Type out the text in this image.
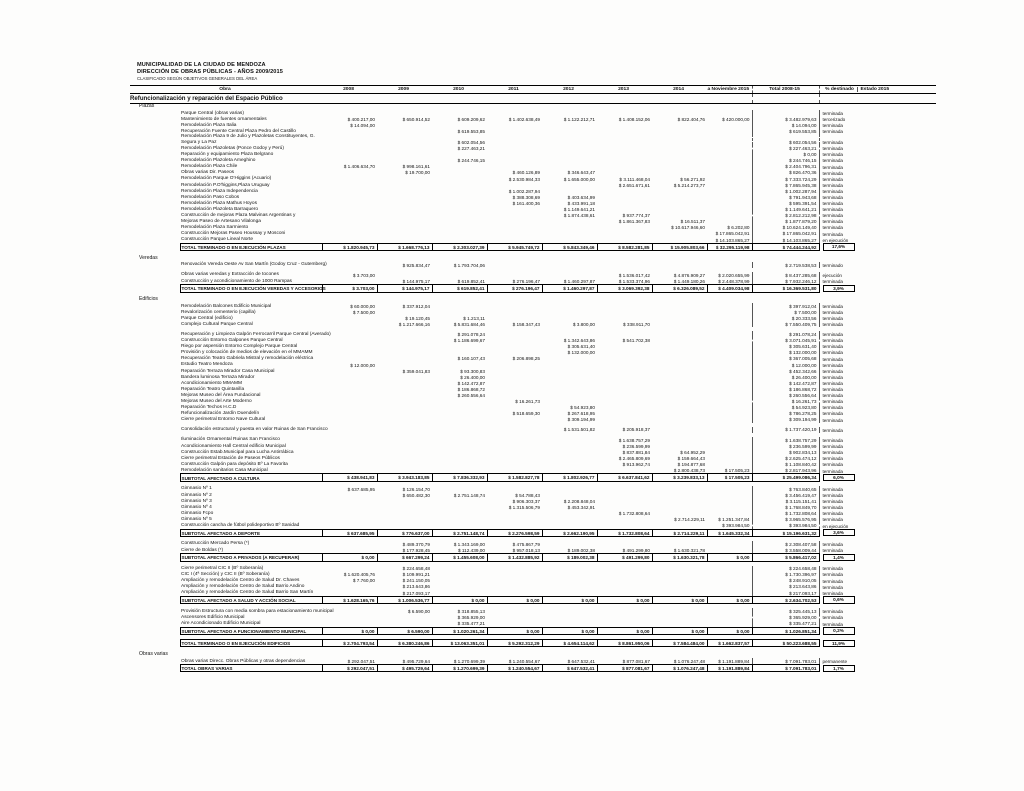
MUNICIPALIDAD DE LA CIUDAD DE MENDOZA
DIRECCIÓN DE OBRAS PÚBLICAS - AÑOS 2009/2015
CLASIFICADO SEGÚN OBJETIVOS GENERALES DEL ÁREA
Obra		2008	2009	2010	2011	2012	2013	2014	a Noviembre 2015	Total 2008-15	% destinado Estado 2015
Refuncionalización y reparación del Espacio Público											
Plazas											
	Parque Central (obras varias)										terminada
	Mantenimiento de fuentes ornamentales	$ 400.217,00	$ 650.914,52	$ 609.209,62	$ 1.402.638,49	$ 1.122.212,71	$ 1.408.152,06	$ 822.404,76	$ 420.000,00	$ 3.482.979,63	tercerizado
	Remodelación Plaza Italia	$ 14.094,00								$ 14.094,00	terminada
	Recuperación Fuente Central Plaza Pedro del Castillo			$ 619.553,85						$ 619.553,85	terminada
	Remodelación Plaza 9 de Julio y Plazoletas Constituyentes, G. Segura y La Paz			$ 602.054,56						$ 602.054,56	terminada
	Remodelación Plazoletas (Ponce Godoy y Perú)			$ 227.463,21						$ 227.463,21	terminada
	Reparación y equipamiento Plaza Belgrano									$ 0,00	terminada
	Remodelación Plazoleta Ameghino			$ 244.746,15						$ 244.746,15	terminada
	Remodelación Plaza Chile	$ 1.406.634,70	$ 998.161,61							$ 2.404.796,31	terminada
	Obras varias Dir. Paseos		$ 19.700,00		$ 460.126,89	$ 346.643,47				$ 826.470,36	terminada
	Remodelación Parque O'Higgins (Acuario)				$ 2.530.984,33	$ 1.655.000,00	$ 3.111.468,04	$ 56.271,92		$ 7.333.724,29	terminada
	Remodelación P.O'higgins,Plaza Uruguay						$ 2.651.671,61	$ 5.214.273,77		$ 7.865.945,38	terminada
	Remodelación Plaza Independencia				$ 1.002.287,94					$ 1.002.287,94	terminada
	Remodelación Paso Cobos				$ 388.308,69	$ 403.634,99				$ 791.943,68	terminada
	Remodelación Plaza Mathus Hoyos				$ 161.400,36	$ 433.991,18				$ 595.391,54	terminada
	Remodelación Plazoleta Barraquero					$ 1.149.641,21				$ 1.149.641,21	terminada
	Construcción de mejoras Plaza Malvinas Argentinas y					$ 1.874.438,61	$ 937.774,37			$ 2.812.212,98	terminada
	Mejoras Paseo de Artesano Vilalonga						$ 1.861.367,83	$ 16.511,37		$ 1.877.879,20	terminada
	Remodelación Plaza Sarmiento							$ 10.617.946,60	$ 6.202,80	$ 10.624.149,40	terminada
	Construcción Mejoras Paseo Houssay y Mosconi								$ 17.865.042,91	$ 17.865.042,91	terminada
	Construcción Parque Lineal Norte								$ 14.103.865,27	$ 14.103.865,27	en ejecución
	TOTAL TERMINADO O EN EJECUCIÓN PLAZAS	$ 1.820.945,73	$ 1.668.776,13	$ 2.303.027,39	$ 5.945.749,72	$ 5.843.349,46	$ 8.582.281,85	$ 15.905.803,66	$ 32.295.119,98	$ 74.444.244,92	17,6%

Veredas											
	Renovación Vereda Oeste Av San Martín (Godoy Cruz - Gutemberg)		$ 925.834,47	$ 1.793.704,06						$ 2.719.538,53	terminado

	Obras varias veredas y Extracción de tocones	$ 3.703,00					$ 1.536.017,42	$ 4.876.909,27	$ 2.020.655,99	$ 8.437.285,68	ejecución
	Construcción y acondicionamiento de 1000 Rampas		$ 144.975,17	$ 619.852,41	$ 276.196,47	$ 1.460.297,87	$ 1.533.374,96	$ 1.449.180,26	$ 2.448.378,99	$ 7.932.246,12	terminada
	TOTAL TERMINADO O EN EJECUCIÓN VEREDAS Y ACCESORIOS	$ 3.703,00	$ 144.975,17	$ 619.852,41	$ 276.196,47	$ 1.460.297,87	$ 3.069.392,38	$ 6.326.089,52	$ 4.409.034,98	$ 16.369.531,80	3,9%

Edificios											
	Remodelación Balcones Edificio Municipal	$ 60.000,00	$ 337.912,04							$ 397.912,04	terminada
	Revalorización cementerio (capilla)	$ 7.500,00								$ 7.500,00	terminada
	Parque Central (edificio)		$ 19.120,45	$ 1.213,11						$ 20.333,56	terminada
	Complejo Cultural Parque Central		$ 1.217.666,16	$ 5.831.684,46	$ 158.347,43	$ 3.800,00	$ 338.911,70			$ 7.550.409,75	terminada

	Recuperación y Limpieza Galpón Ferrocarril Parque Central (Averado)			$ 291.078,24						$ 291.078,24	terminada
	Construcción Entorno Galpones Parque Central			$ 1.186.699,67		$ 1.342.643,86	$ 541.702,38			$ 3.071.045,91	terminada
	Riego por aspersión Entorno Complejo Parque Central					$ 305.631,40				$ 305.631,40	terminada
	Provisión y colocación de medios de elevación en el MMAMM					$ 132.000,00				$ 132.000,00	terminada
	Recuperación Teatro Gabriela Mistral y remodelación eléctrica			$ 160.107,43	$ 206.898,25					$ 367.005,68	terminada
	Estudio Teatro Mendoza	$ 12.000,00								$ 12.000,00	terminada
	Reparación Terraza Mirador Casa Municipal		$ 359.041,83	$ 93.300,83						$ 452.342,66	terminada
	Bandera luminosa Terraza Mirador			$ 26.400,00						$ 26.400,00	terminada
	Acondicionamiento MMAMM			$ 142.472,87						$ 142.472,87	terminada
	Reparación Teatro Quintanilla			$ 186.868,72						$ 186.868,72	terminada
	Mejoras Museo del Área Fundacional			$ 260.556,64						$ 260.556,64	terminada
	Mejoras Museo del Arte Moderno				$ 16.261,73					$ 16.261,73	terminada
	Reparación Techos H.C.D					$ 54.923,80				$ 54.923,80	terminada
	Refuncionalización Jardín Duendelín				$ 518.659,30	$ 267.618,95				$ 786.278,25	terminada
	Cierre perimetral Entorno Nave Cultural					$ 309.194,99				$ 309.194,99	terminada

	Consolidación estructural y puesta en valor Ruinas de San Francisco					$ 1.531.501,82	$ 205.918,37			$ 1.737.420,19	terminada

	Iluminación Ornamental Ruinas San Francisco						$ 1.638.757,29			$ 1.638.757,29	terminada
	Acondicionamiento Hall Central edificio Municipal						$ 236.599,99			$ 236.599,99	terminada
	Construcción Estab.Municipal para Lucha Antirrábica						$ 837.881,84	$ 64.952,29		$ 902.834,13	terminada
	Cierre perimetral Estación de Paseos Públicos						$ 2.465.809,69	$ 159.664,43		$ 2.625.474,12	terminada
	Construcción Galpón para depósito Bº La Favorita						$ 913.962,74	$ 194.877,68		$ 1.108.840,42	terminada
	Remodelación sanitarios Casa Municipal							$ 2.800.438,73	$ 17.505,23	$ 2.817.943,96	terminada
	SUBTOTAL AFECTADO A CULTURA	$ 438.941,83	$ 3.943.183,85	$ 7.836.332,93	$ 1.582.827,78	$ 1.802.926,77	$ 6.637.841,62	$ 3.239.833,13	$ 17.505,23	$ 25.499.086,34	6,0%

	Gimnasio Nº 1	$ 637.685,95	$ 126.154,70							$ 763.840,65	terminada
	Gimnasio Nº 2		$ 650.482,30	$ 2.751.148,74	$ 54.788,43					$ 3.456.419,47	terminada
	Gimnasio Nº 3				$ 906.303,37	$ 2.208.848,04				$ 3.115.151,41	terminada
	Gimnasio Nº 4				$ 1.315.506,79	$ 453.342,91				$ 1.768.849,70	terminada
	Gimnasio Fcpo						$ 1.732.808,64			$ 1.732.808,64	terminada
	Gimnasio Nº 5							$ 2.714.229,11	$ 1.251.347,84	$ 3.965.576,95	terminada
	Construcción cancha de fútbol polideportivo Bº Sanidad								$ 393.984,50	$ 393.984,50	en ejecución
	SUBTOTAL AFECTADO A DEPORTE	$ 637.685,95	$ 776.637,00	$ 2.751.148,74	$ 2.276.598,59	$ 2.662.190,95	$ 1.732.808,64	$ 2.714.229,11	$ 1.645.332,34	$ 15.196.631,32	3,6%

	Construcción Mercado Persa (*)		$ 489.370,79	$ 1.343.169,00	$ 475.867,79					$ 2.308.407,58	terminada
	Cierre de Boldas (*)		$ 177.928,45	$ 112.439,00	$ 957.018,13	$ 189.002,38	$ 491.299,80	$ 1.630.321,78		$ 3.558.009,44	terminada
	SUBTOTAL AFECTADO A PRIVADOS (A RECUPERAR)	$ 0,00	$ 667.299,24	$ 1.455.608,00	$ 1.432.885,92	$ 189.002,38	$ 491.299,80	$ 1.630.321,78	$ 0,00	$ 5.866.417,02	1,4%

	Cierre perimetral CIC II (Bº Soberanía)		$ 224.658,48							$ 224.658,48	terminada
	CIC I (4ª Sección) y CIC II (Bº Soberanía)	$ 1.620.405,76	$ 109.991,21							$ 1.730.396,97	terminada
	Ampliación y remodelación Centro de Salud Dr. Chaves	$ 7.760,00	$ 241.150,05							$ 248.910,05	terminada
	Ampliación y remodelación Centro de Salud Barrio Andino		$ 213.643,86							$ 213.643,86	terminada
	Ampliación y remodelación Centro de Salud Barrio San Martín		$ 217.093,17							$ 217.093,17	terminada
	SUBTOTAL AFECTADO A SALUD Y ACCIÓN SOCIAL	$ 1.628.165,76	$ 1.006.536,77	$ 0,00	$ 0,00	$ 0,00	$ 0,00	$ 0,00	$ 0,00	$ 2.634.702,53	0,6%

	Provisión Estructura con media sombra para estacionamiento municipal		$ 6.590,00	$ 318.855,13						$ 325.445,13	terminada
	Ascensores Edificio Municipal			$ 365.929,00						$ 365.929,00	terminada
	Aire Acondicionado Edificio Municipal			$ 335.477,21						$ 335.477,21	terminada
	SUBTOTAL AFECTADO A FUNCIONAMIENTO MUNICIPAL	$ 0,00	$ 6.590,00	$ 1.020.261,34	$ 0,00	$ 0,00	$ 0,00	$ 0,00	$ 0,00	$ 1.026.851,34	0,2%

	TOTAL TERMINADO O EN EJECUCIÓN EDIFICIOS	$ 2.704.793,54	$ 6.380.246,86	$ 13.063.351,01	$ 5.292.312,29	$ 4.654.114,62	$ 8.861.950,06	$ 7.584.484,00	$ 1.662.837,57	$ 50.223.688,55	11,9%

Obras varias											
	Obras varias Direcc. Obras Públicas y otras dependencias	$ 292.047,51	$ 495.729,64	$ 1.270.699,39	$ 1.240.554,67	$ 647.532,41	$ 877.081,67	$ 1.076.247,48	$ 1.191.889,84	$ 7.091.783,01	permanente
	TOTAL OBRAS VARIAS	$ 292.047,51	$ 495.729,64	$ 1.270.699,39	$ 1.240.554,67	$ 647.532,41	$ 877.081,67	$ 1.076.247,48	$ 1.191.889,84	$ 7.091.783,01	1,7%
